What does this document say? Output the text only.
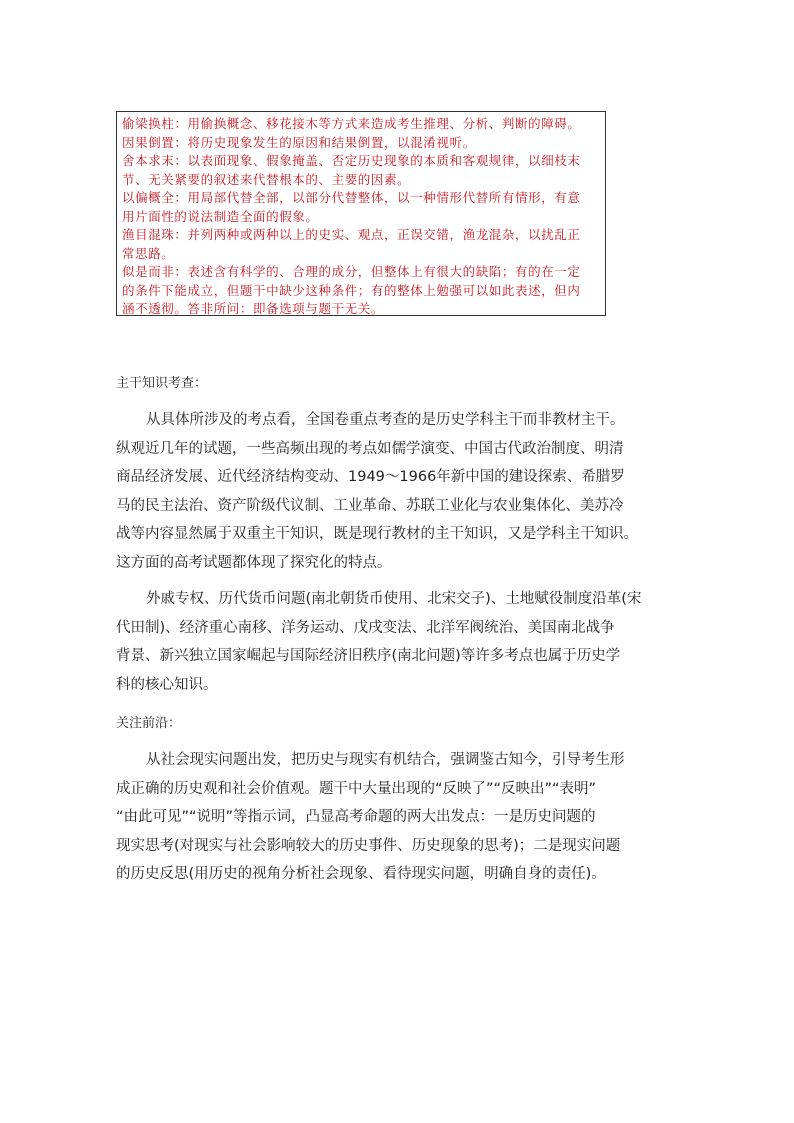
偷梁换柱：用偷换概念、移花接木等方式来造成考生推理、分析、判断的障碍。
因果倒置：将历史现象发生的原因和结果倒置，以混淆视听。
舍本求末：以表面现象、假象掩盖、否定历史现象的本质和客观规律，以细枝末
节、无关紧要的叙述来代替根本的、主要的因素。
以偏概全：用局部代替全部，以部分代替整体，以一种情形代替所有情形，有意
用片面性的说法制造全面的假象。
渔目混珠：并列两种或两种以上的史实、观点，正误交错，渔龙混杂，以扰乱正
常思路。
似是而非：表述含有科学的、合理的成分，但整体上有很大的缺陷；有的在一定
的条件下能成立，但题干中缺少这种条件；有的整体上勉强可以如此表述，但内
涵不透彻。答非所问：即备选项与题干无关。
主干知识考查：
从具体所涉及的考点看，全国卷重点考查的是历史学科主干而非教材主干。
纵观近几年的试题，一些高频出现的考点如儒学演变、中国古代政治制度、明清
商品经济发展、近代经济结构变动、1949～1966年新中国的建设探索、希腊罗
马的民主法治、资产阶级代议制、工业革命、苏联工业化与农业集体化、美苏冷
战等内容显然属于双重主干知识，既是现行教材的主干知识，又是学科主干知识。
这方面的高考试题都体现了探究化的特点。
外戚专权、历代货币问题(南北朝货币使用、北宋交子)、土地赋役制度沿革(宋
代田制)、经济重心南移、洋务运动、戊戌变法、北洋军阀统治、美国南北战争
背景、新兴独立国家崛起与国际经济旧秩序(南北问题)等许多考点也属于历史学
科的核心知识。
关注前沿：
从社会现实问题出发，把历史与现实有机结合，强调鉴古知今，引导考生形
成正确的历史观和社会价值观。题干中大量出现的“反映了”“反映出”“表明”
“由此可见”“说明”等指示词，凸显高考命题的两大出发点：一是历史问题的
现实思考(对现实与社会影响较大的历史事件、历史现象的思考)；二是现实问题
的历史反思(用历史的视角分析社会现象、看待现实问题，明确自身的责任)。
